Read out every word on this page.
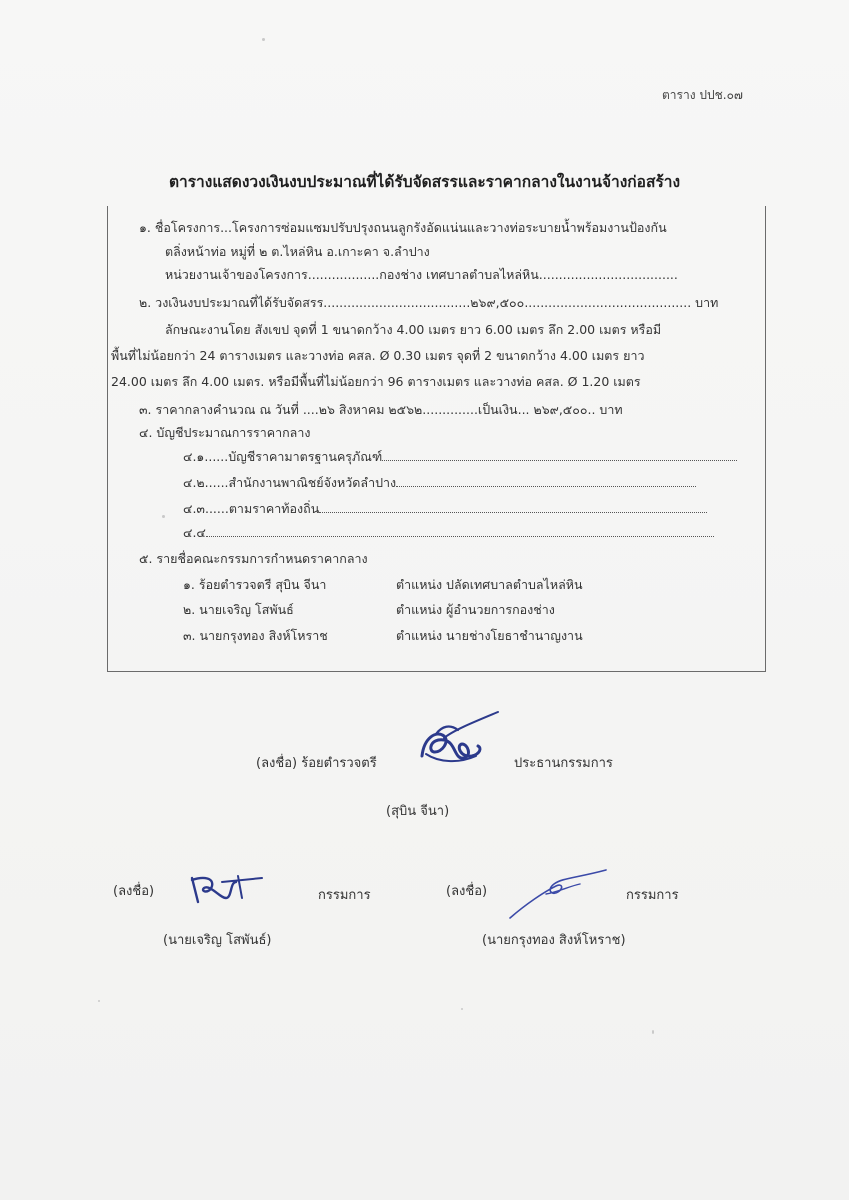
ตาราง ปปช.๐๗
ตารางแสดงวงเงินงบประมาณที่ได้รับจัดสรรและราคากลางในงานจ้างก่อสร้าง
๑. ชื่อโครงการ...โครงการซ่อมแซมปรับปรุงถนนลูกรังอัดแน่นและวางท่อระบายน้ำพร้อมงานป้องกัน
ตลิ่งหน้าท่อ หมู่ที่ ๒ ต.ไหล่หิน อ.เกาะคา จ.ลำปาง
หน่วยงานเจ้าของโครงการ..................กองช่าง เทศบาลตำบลไหล่หิน...................................
๒. วงเงินงบประมาณที่ได้รับจัดสรร.....................................๒๖๙,๕๐๐.......................................... บาท
ลักษณะงานโดย สังเขป จุดที่ 1 ขนาดกว้าง 4.00 เมตร ยาว 6.00 เมตร ลึก 2.00 เมตร หรือมี
พื้นที่ไม่น้อยกว่า 24 ตารางเมตร และวางท่อ คสล. Ø 0.30 เมตร จุดที่ 2 ขนาดกว้าง 4.00 เมตร ยาว
24.00 เมตร ลึก 4.00 เมตร. หรือมีพื้นที่ไม่น้อยกว่า 96 ตารางเมตร และวางท่อ คสล. Ø 1.20 เมตร
๓. ราคากลางคำนวณ ณ วันที่ ....๒๖ สิงหาคม ๒๕๖๒..............เป็นเงิน... ๒๖๙,๕๐๐.. บาท
๔. บัญชีประมาณการราคากลาง
๔.๑......บัญชีราคามาตรฐานครุภัณฑ์
๔.๒......สำนักงานพาณิชย์จังหวัดลำปาง
๔.๓......ตามราคาท้องถิ่น
๔.๔
๕. รายชื่อคณะกรรมการกำหนดราคากลาง
๑. ร้อยตำรวจตรี สุบิน จีนา	ตำแหน่ง ปลัดเทศบาลตำบลไหล่หิน
๒. นายเจริญ โสพันธ์	ตำแหน่ง ผู้อำนวยการกองช่าง
๓. นายกรุงทอง สิงห์โหราช	ตำแหน่ง นายช่างโยธาชำนาญงาน
(ลงชื่อ) ร้อยตำรวจตรี	ประธานกรรมการ
(สุบิน จีนา)
(ลงชื่อ)	กรรมการ
(นายเจริญ โสพันธ์)
(ลงชื่อ)	กรรมการ
(นายกรุงทอง สิงห์โหราช)
